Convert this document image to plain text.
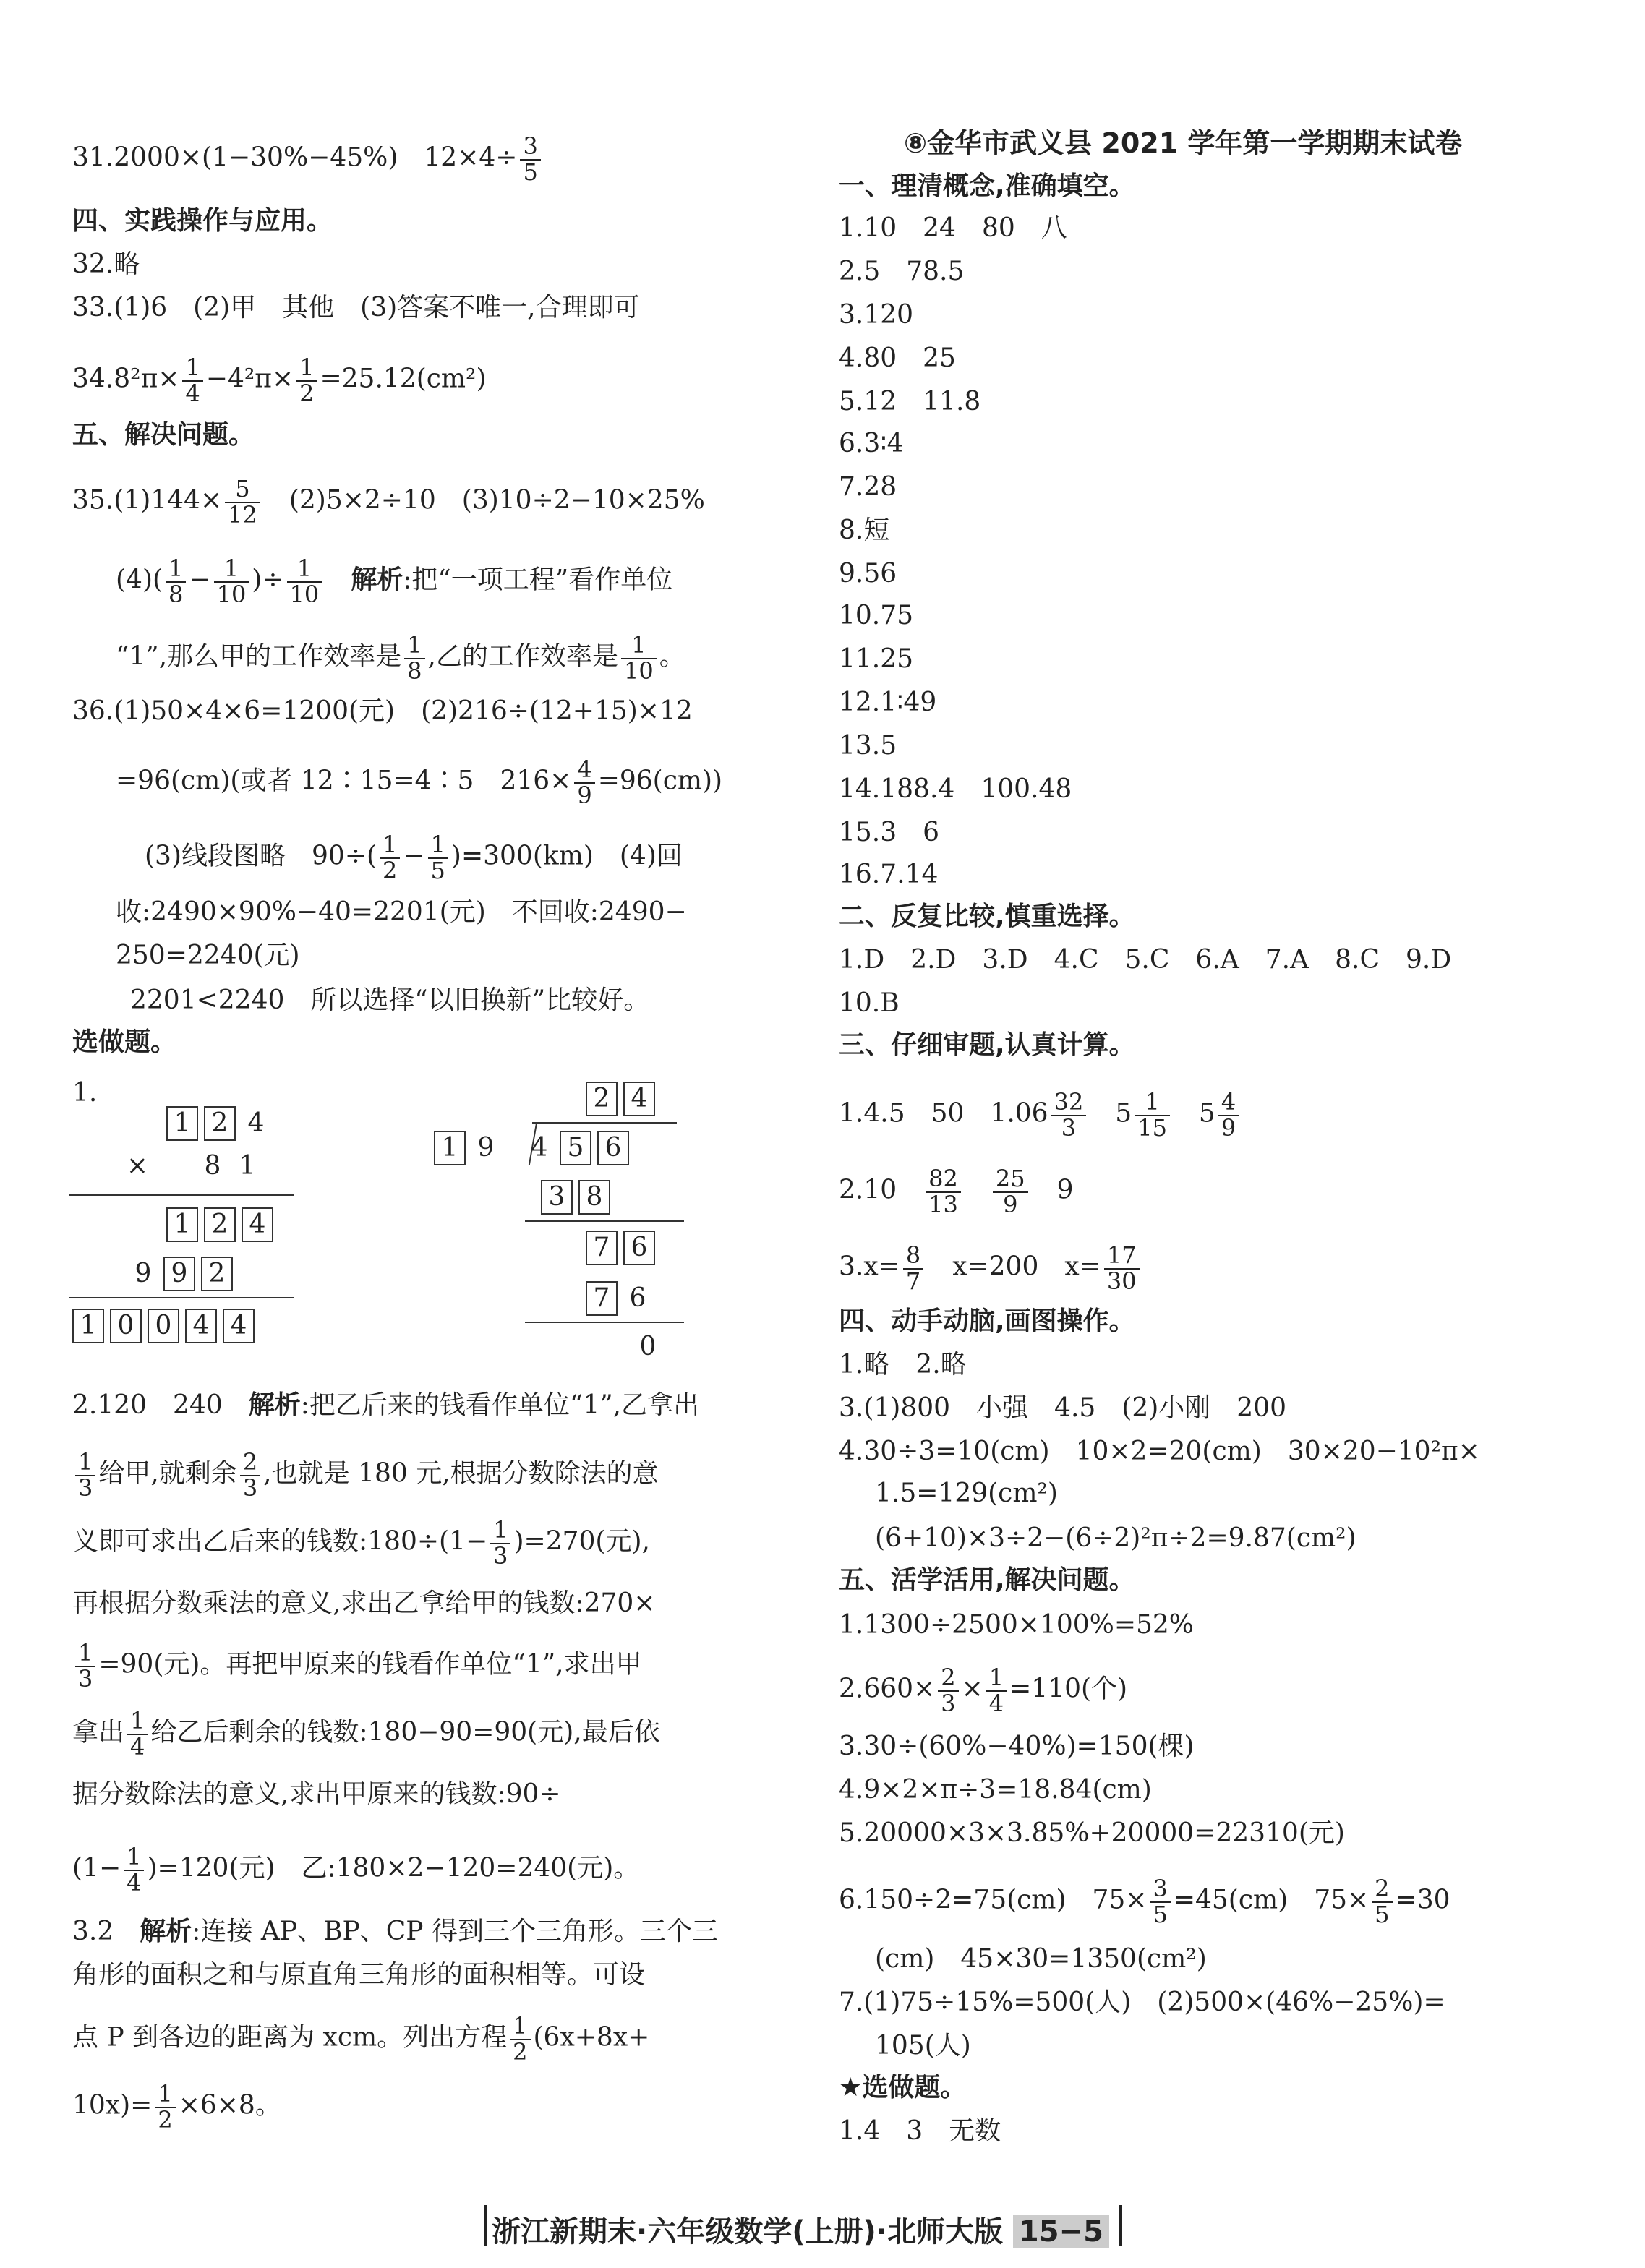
31.2000×(1−30%−45%)　$12\times 4\div \frac{3}{5}$
四、实践操作与应用。
32.略
33.(1)6　(2)甲　其他　(3)答案不唯一,合理即可
$34.8^2\pi\times \frac{1}{4} -4^2\pi\times \frac{1}{2} =25.12(cm^2)$
五、解决问题。
$35.(1)144\times \frac{5}{12}$ 　(2)5×2÷10　(3)10÷2−10×25%
$(4)( \frac{1}{8} - \frac{1}{10}$ )÷ $\frac{1}{10}$ 　解析:把“一项工程”看作单位
“1”,那么甲的工作效率是 $\frac{1}{8}$ ,乙的工作效率是 $\frac{1}{10}$ 。
36.(1)50×4×6=1200(元)　(2)216÷(12+15)×12
=96(cm)(或者 12∶15=4∶5　$216\times \frac{4}{9} =96(cm)$)
(3)线段图略　$90\div( \frac{1}{2} - \frac{1}{5} )=300(km)$　(4)回
收:2490×90%−40=2201(元)　不回收:2490−
250=2240(元)
2201<2240　所以选择“以旧换新”比较好。
选做题。
1.
1 2 4
× 8 1
1 2 4
9 9 2
1 0 0 4 4
2 4
1 9 4 5 6
3 8
7 6
7 6
0
2.120　240　解析:把乙后来的钱看作单位“1”,乙拿出
$\frac{1}{3}$ 给甲,就剩余 $\frac{2}{3}$ ,也就是 180 元,根据分数除法的意
义即可求出乙后来的钱数:180÷(1− $\frac{1}{3} )=270$(元),
再根据分数乘法的意义,求出乙拿给甲的钱数:270×
$\frac{1}{3} =90$(元)。再把甲原来的钱看作单位“1”,求出甲
拿出 $\frac{1}{4}$ 给乙后剩余的钱数:180−90=90(元),最后依
据分数除法的意义,求出甲原来的钱数:90÷
$(1- \frac{1}{4} )=120$(元)　乙:180×2−120=240(元)。
3.2　解析:连接 AP、BP、CP 得到三个三角形。三个三
角形的面积之和与原直角三角形的面积相等。可设
点 P 到各边的距离为 xcm。列出方程 $\frac{1}{2} (6x+8x+$
$10x)= \frac{1}{2} \times 6\times 8$。
⑧金华市武义县 2021 学年第一学期期末试卷
一、理清概念,准确填空。
1.10　24　80　八
2.5　78.5
3.120
4.80　25
5.12　11.8
6.3∶4
7.28
8.短
9.56
10.75
11.25
12.1∶49
13.5
14.188.4　100.48
15.3　6
16.7.14
二、反复比较,慎重选择。
1.D　2.D　3.D　4.C　5.C　6.A　7.A　8.C　9.D
10.B
三、仔细审题,认真计算。
1.4.5　50　$1.06 \frac{32}{3}$ 　$5 \frac{1}{15}$ 　$5 \frac{4}{9}$
2.10　 $\frac{82}{13}$
　 $\frac{25}{9}$ 　9
$3.x= \frac{8}{7}$ 　x=200　$x= \frac{17}{30}$
四、动手动脑,画图操作。
1.略　2.略
3.(1)800　小强　4.5　(2)小刚　200
4.30÷3=10(cm)　10×2=20(cm)　30×20−10²π×
1.5=129(cm²)
(6+10)×3÷2−(6÷2)²π÷2=9.87(cm²)
五、活学活用,解决问题。
1.1300÷2500×100%=52%
$2.660\times \frac{2}{3} \times \frac{1}{4} =110$(个)
3.30÷(60%−40%)=150(棵)
4.9×2×π÷3=18.84(cm)
5.20000×3×3.85%+20000=22310(元)
6.150÷2=75(cm)　$75\times \frac{3}{5} =45(cm)$　$75\times \frac{2}{5} =30$
(cm)　45×30=1350(cm²)
7.(1)75÷15%=500(人)　(2)500×(46%−25%)=
105(人)
★选做题。
1.4　3　无数
浙江新期末·六年级数学(上册)·北师大版 15−5
